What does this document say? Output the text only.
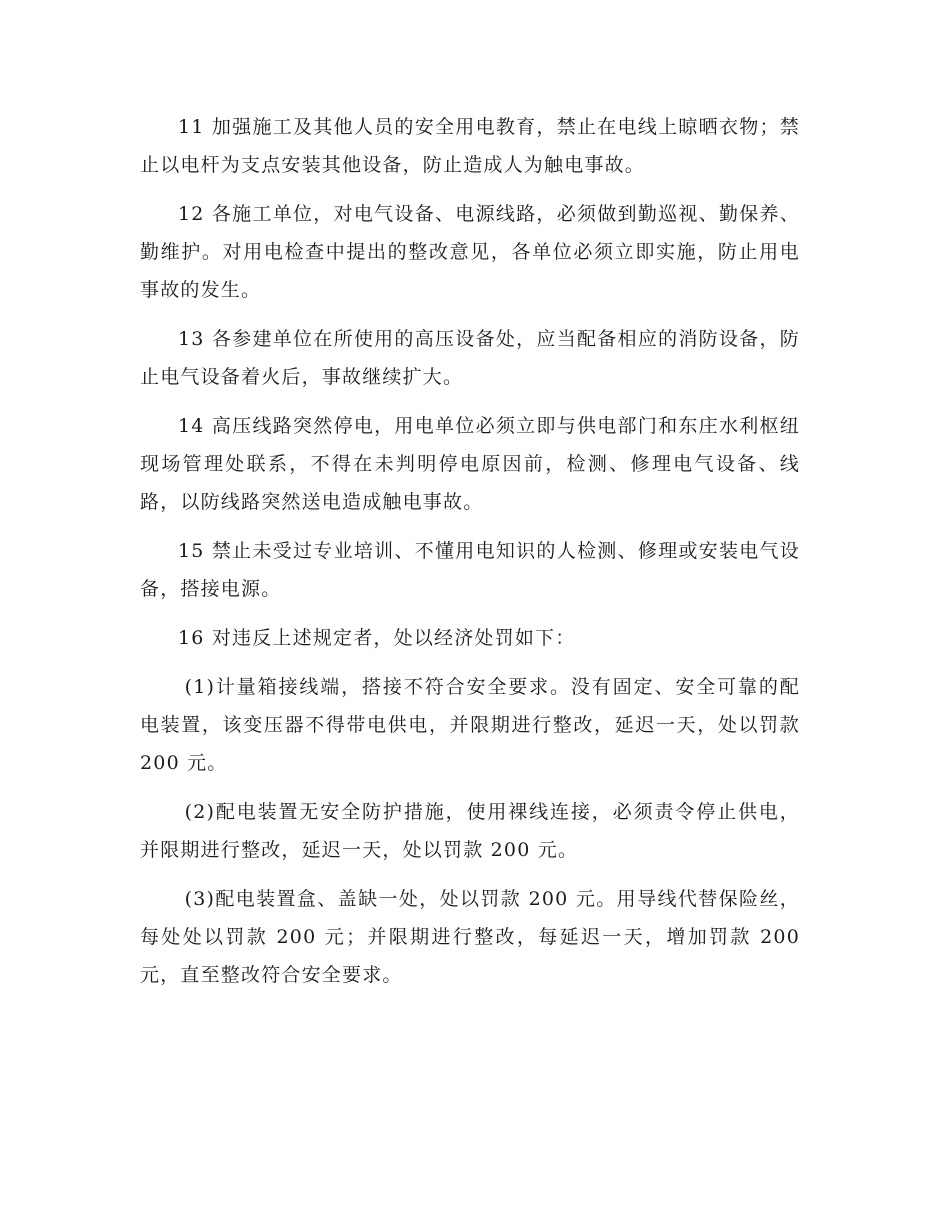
11 加强施工及其他人员的安全用电教育，禁止在电线上晾晒衣物；禁止以电杆为支点安装其他设备，防止造成人为触电事故。

12 各施工单位，对电气设备、电源线路，必须做到勤巡视、勤保养、勤维护。对用电检查中提出的整改意见，各单位必须立即实施，防止用电事故的发生。

13 各参建单位在所使用的高压设备处，应当配备相应的消防设备，防止电气设备着火后，事故继续扩大。

14 高压线路突然停电，用电单位必须立即与供电部门和东庄水利枢纽现场管理处联系，不得在未判明停电原因前，检测、修理电气设备、线路，以防线路突然送电造成触电事故。

15 禁止未受过专业培训、不懂用电知识的人检测、修理或安装电气设备，搭接电源。

16 对违反上述规定者，处以经济处罚如下：

(1)计量箱接线端，搭接不符合安全要求。没有固定、安全可靠的配电装置，该变压器不得带电供电，并限期进行整改，延迟一天，处以罚款 200 元。

(2)配电装置无安全防护措施，使用裸线连接，必须责令停止供电，并限期进行整改，延迟一天，处以罚款 200 元。

(3)配电装置盒、盖缺一处，处以罚款 200 元。用导线代替保险丝，每处处以罚款 200 元；并限期进行整改，每延迟一天，增加罚款 200 元，直至整改符合安全要求。
